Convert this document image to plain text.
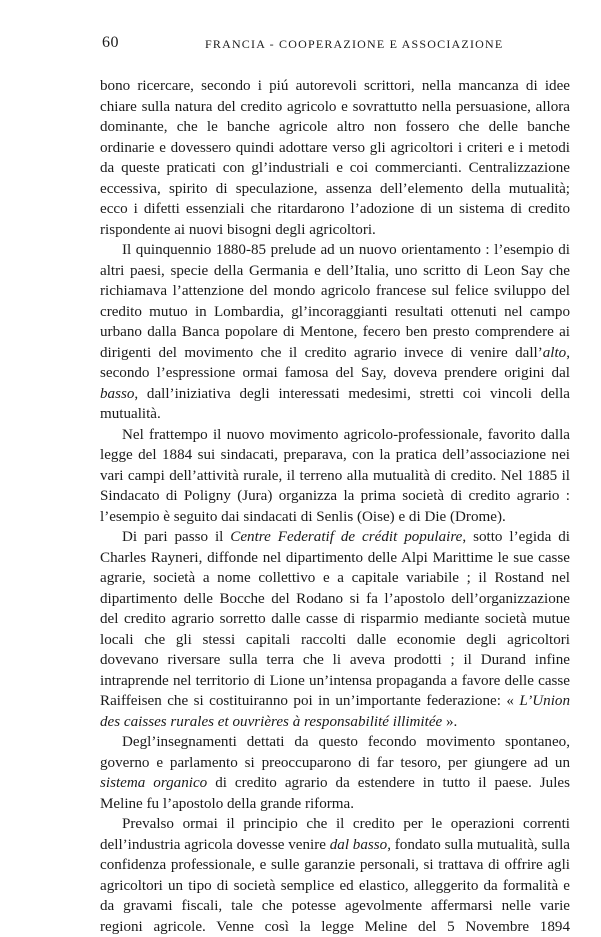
60	FRANCIA - COOPERAZIONE E ASSOCIAZIONE

bono ricercare, secondo i piú autorevoli scrittori, nella mancanza di idee chiare sulla natura del credito agricolo e sovrattutto nella persuasione, allora dominante, che le banche agricole altro non fossero che delle banche ordinarie e dovessero quindi adottare verso gli agricoltori i criteri e i metodi da queste praticati con gl’industriali e coi commercianti. Centralizzazione eccessiva, spirito di speculazione, assenza dell’elemento della mutualità; ecco i difetti essenziali che ritardarono l’adozione di un sistema di credito rispondente ai nuovi bisogni degli agricoltori.

Il quinquennio 1880-85 prelude ad un nuovo orientamento : l’esempio di altri paesi, specie della Germania e dell’Italia, uno scritto di Leon Say che richiamava l’attenzione del mondo agricolo francese sul felice sviluppo del credito mutuo in Lombardia, gl’incoraggianti resultati ottenuti nel campo urbano dalla Banca popolare di Mentone, fecero ben presto comprendere ai dirigenti del movimento che il credito agrario invece di venire dall’alto, secondo l’espressione ormai famosa del Say, doveva prendere origini dal basso, dall’iniziativa degli interessati medesimi, stretti coi vincoli della mutualità.

Nel frattempo il nuovo movimento agricolo-professionale, favorito dalla legge del 1884 sui sindacati, preparava, con la pratica dell’associazione nei vari campi dell’attività rurale, il terreno alla mutualità di credito. Nel 1885 il Sindacato di Poligny (Jura) organizza la prima società di credito agrario : l’esempio è seguito dai sindacati di Senlis (Oise) e di Die (Drome).

Di pari passo il Centre Federatif de crédit populaire, sotto l’egida di Charles Rayneri, diffonde nel dipartimento delle Alpi Marittime le sue casse agrarie, società a nome collettivo e a capitale variabile ; il Rostand nel dipartimento delle Bocche del Rodano si fa l’apostolo dell’organizzazione del credito agrario sorretto dalle casse di risparmio mediante società mutue locali che gli stessi capitali raccolti dalle economie degli agricoltori dovevano riversare sulla terra che li aveva prodotti ; il Durand infine intraprende nel territorio di Lione un’intensa propaganda a favore delle casse Raiffeisen che si costituiranno poi in un’importante federazione: « L’Union des caisses rurales et ouvrières à responsabilité illimitée ».

Degl’insegnamenti dettati da questo fecondo movimento spontaneo, governo e parlamento si preoccuparono di far tesoro, per giungere ad un sistema organico di credito agrario da estendere in tutto il paese. Jules Meline fu l’apostolo della grande riforma.

Prevalso ormai il principio che il credito per le operazioni correnti dell’industria agricola dovesse venire dal basso, fondato sulla mutualità, sulla confidenza professionale, e sulle garanzie personali, si trattava di offrire agli agricoltori un tipo di società semplice ed elastico, alleggerito da formalità e da gravami fiscali, tale che potesse agevolmente affermarsi nelle varie regioni agricole. Venne così la legge Meline del 5 Novembre 1894
